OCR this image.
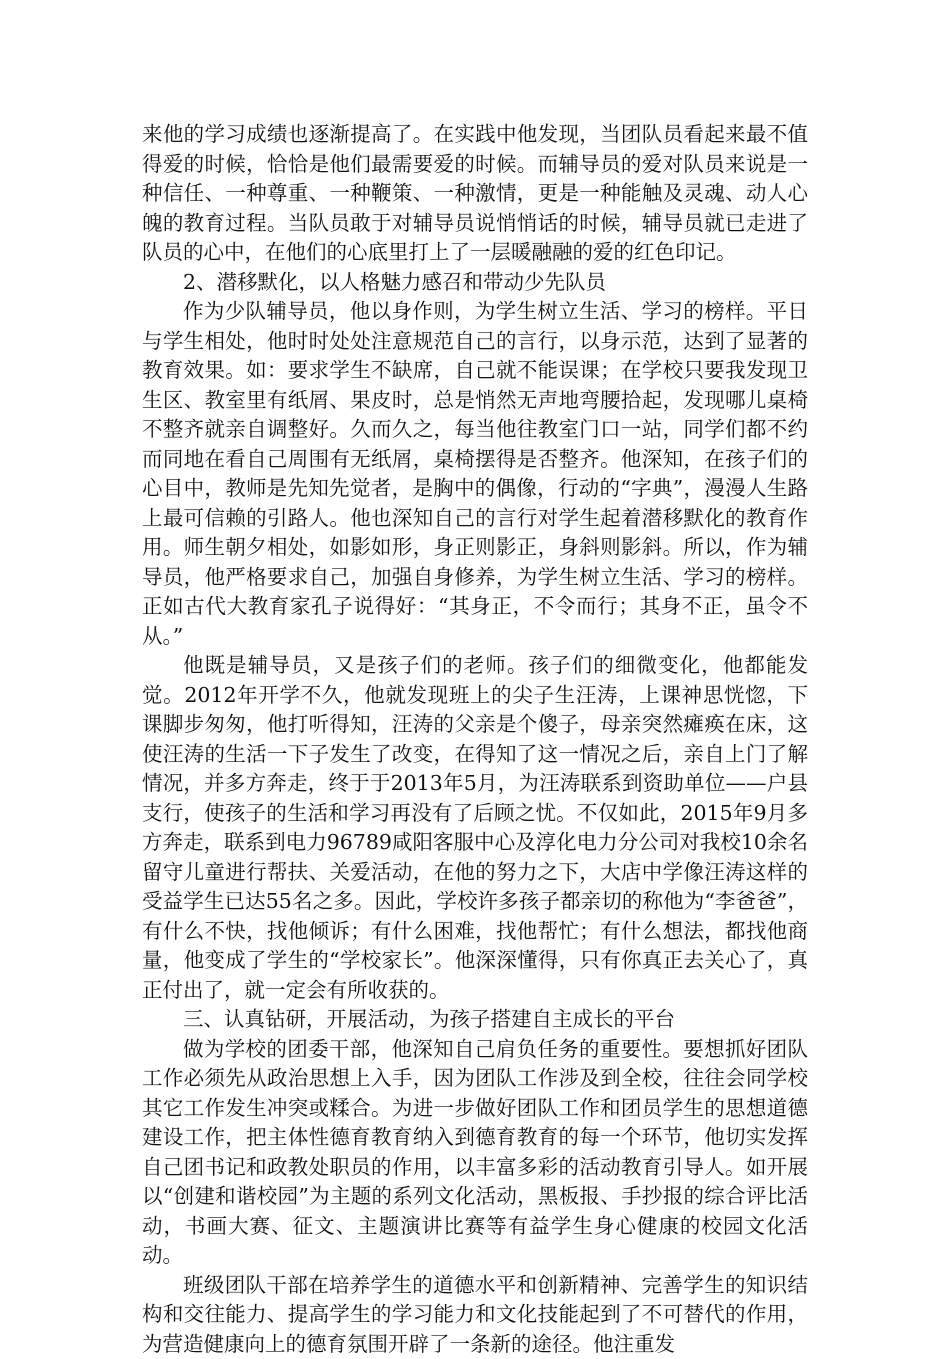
来他的学习成绩也逐渐提高了。在实践中他发现，当团队员看起来最不值得爱的时候，恰恰是他们最需要爱的时候。而辅导员的爱对队员来说是一种信任、一种尊重、一种鞭策、一种激情，更是一种能触及灵魂、动人心魄的教育过程。当队员敢于对辅导员说悄悄话的时候，辅导员就已走进了队员的心中，在他们的心底里打上了一层暖融融的爱的红色印记。

2、潜移默化，以人格魅力感召和带动少先队员

作为少队辅导员，他以身作则，为学生树立生活、学习的榜样。平日与学生相处，他时时处处注意规范自己的言行，以身示范，达到了显著的教育效果。如：要求学生不缺席，自己就不能误课；在学校只要我发现卫生区、教室里有纸屑、果皮时，总是悄然无声地弯腰拾起，发现哪儿桌椅不整齐就亲自调整好。久而久之，每当他往教室门口一站，同学们都不约而同地在看自己周围有无纸屑，桌椅摆得是否整齐。他深知，在孩子们的心目中，教师是先知先觉者，是胸中的偶像，行动的“字典”，漫漫人生路上最可信赖的引路人。他也深知自己的言行对学生起着潜移默化的教育作用。师生朝夕相处，如影如形，身正则影正，身斜则影斜。所以，作为辅导员，他严格要求自己，加强自身修养，为学生树立生活、学习的榜样。正如古代大教育家孔子说得好：“其身正，不令而行；其身不正，虽令不从。”

他既是辅导员，又是孩子们的老师。孩子们的细微变化，他都能发觉。2012年开学不久，他就发现班上的尖子生汪涛，上课神思恍惚，下课脚步匆匆，他打听得知，汪涛的父亲是个傻子，母亲突然瘫痪在床，这使汪涛的生活一下子发生了改变，在得知了这一情况之后，亲自上门了解情况，并多方奔走，终于于2013年5月，为汪涛联系到资助单位——户县支行，使孩子的生活和学习再没有了后顾之忧。不仅如此，2015年9月多方奔走，联系到电力96789咸阳客服中心及淳化电力分公司对我校10余名留守儿童进行帮扶、关爱活动，在他的努力之下，大店中学像汪涛这样的受益学生已达55名之多。因此，学校许多孩子都亲切的称他为“李爸爸”，有什么不快，找他倾诉；有什么困难，找他帮忙；有什么想法，都找他商量，他变成了学生的“学校家长”。他深深懂得，只有你真正去关心了，真正付出了，就一定会有所收获的。

三、认真钻研，开展活动，为孩子搭建自主成长的平台

做为学校的团委干部，他深知自己肩负任务的重要性。要想抓好团队工作必须先从政治思想上入手，因为团队工作涉及到全校，往往会同学校其它工作发生冲突或糅合。为进一步做好团队工作和团员学生的思想道德建设工作，把主体性德育教育纳入到德育教育的每一个环节，他切实发挥自己团书记和政教处职员的作用，以丰富多彩的活动教育引导人。如开展以“创建和谐校园”为主题的系列文化活动，黑板报、手抄报的综合评比活动，书画大赛、征文、主题演讲比赛等有益学生身心健康的校园文化活动。

班级团队干部在培养学生的道德水平和创新精神、完善学生的知识结构和交往能力、提高学生的学习能力和文化技能起到了不可替代的作用，为营造健康向上的德育氛围开辟了一条新的途径。他注重发
